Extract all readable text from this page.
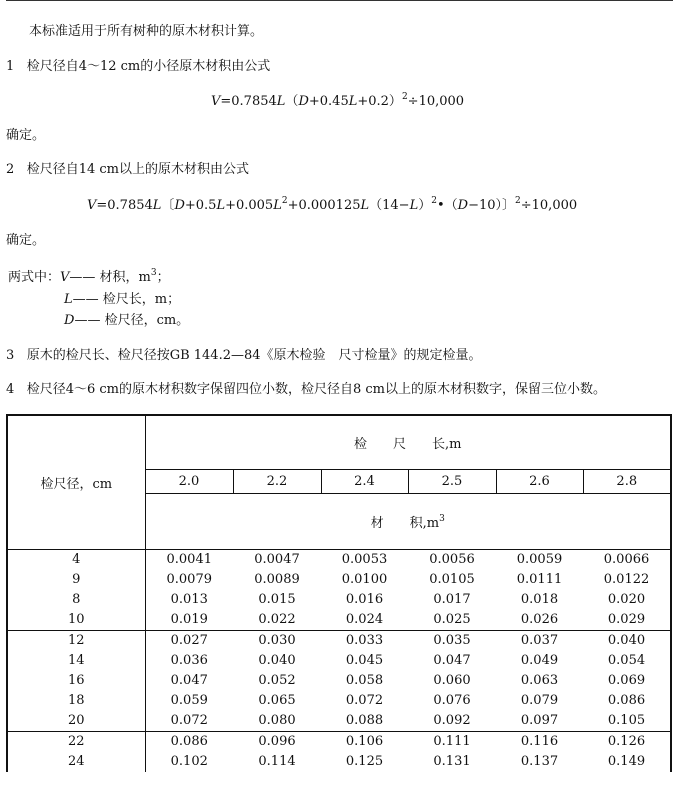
本标准适用于所有树种的原木材积计算。
1 检尺径自4～12 cm的小径原木材积由公式
$V=0.7854L(D+0.45L+0.2)^2\div 10,000$
确定。
2 检尺径自14 cm以上的原木材积由公式
V=0.7854L〔$D+0.5L+0.005L^2+0.000125L(14-L)^2•(D-10)$〕$^2$÷10,000
确定。
两式中：V—— 材积，$m^3$；
L—— 检尺长，m；
D—— 检尺径，cm。
3 原木的检尺长、检尺径按GB 144.2—84《原木检验　尺寸检量》的规定检量。
4 检尺径4～6 cm的原木材积数字保留四位小数，检尺径自8 cm以上的原木材积数字，保留三位小数。
检尺径，cm	检　　尺　　长,m					
	2.0	2.2	2.4	2.5	2.6	2.8
	材　　积$,m^3$
4	0.0041	0.0047	0.0053	0.0056	0.0059	0.0066
9	0.0079	0.0089	0.0100	0.0105	0.0111	0.0122
8	0.013	0.015	0.016	0.017	0.018	0.020
10	0.019	0.022	0.024	0.025	0.026	0.029
12	0.027	0.030	0.033	0.035	0.037	0.040
14	0.036	0.040	0.045	0.047	0.049	0.054
16	0.047	0.052	0.058	0.060	0.063	0.069
18	0.059	0.065	0.072	0.076	0.079	0.086
20	0.072	0.080	0.088	0.092	0.097	0.105
22	0.086	0.096	0.106	0.111	0.116	0.126
24	0.102	0.114	0.125	0.131	0.137	0.149
